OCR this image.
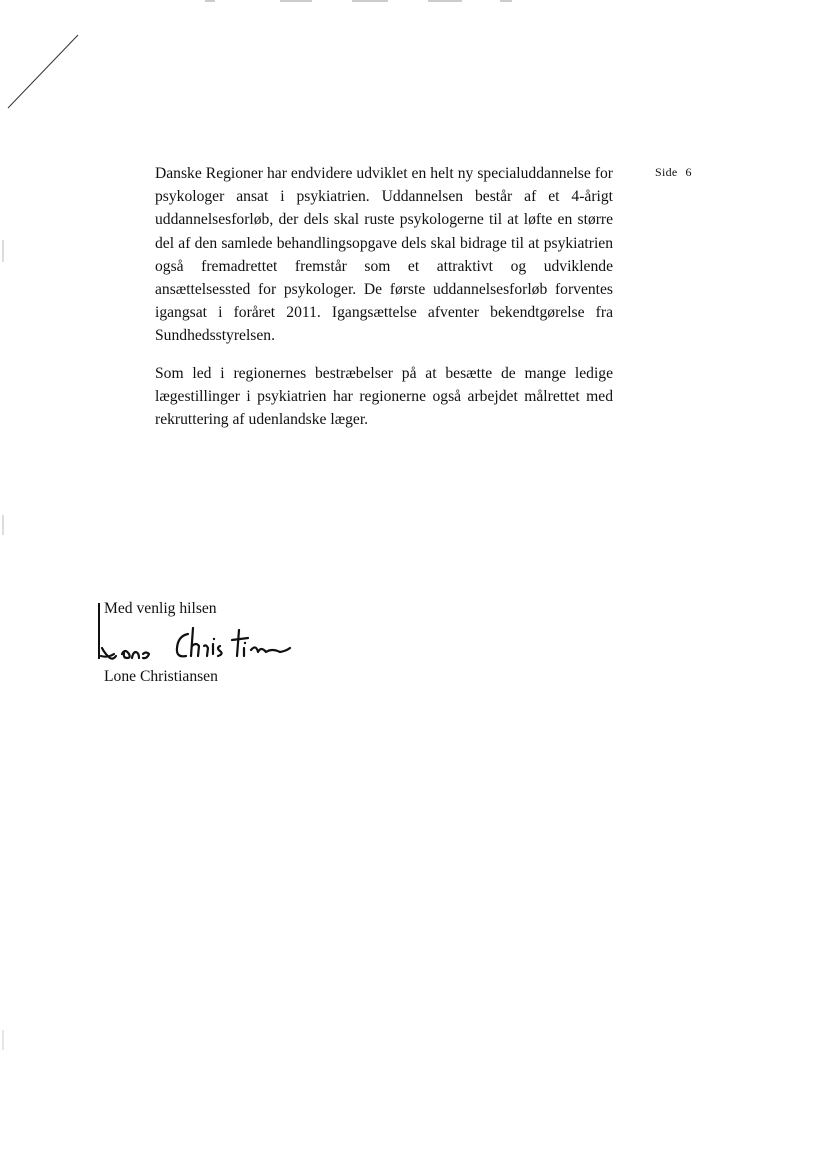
Side 6

Danske Regioner har endvidere udviklet en helt ny specialuddannelse for psykologer ansat i psykiatrien. Uddannelsen består af et 4-årigt uddannelsesforløb, der dels skal ruste psykologerne til at løfte en større del af den samlede behandlingsopgave dels skal bidrage til at psykiatrien også fremadrettet fremstår som et attraktivt og udviklende ansættelsessted for psykologer. De første uddannelsesforløb forventes igangsat i foråret 2011. Igangsættelse afventer bekendtgørelse fra Sundhedsstyrelsen.

Som led i regionernes bestræbelser på at besætte de mange ledige lægestillinger i psykiatrien har regionerne også arbejdet målrettet med rekruttering af udenlandske læger.

Med venlig hilsen

Lone Christiansen
